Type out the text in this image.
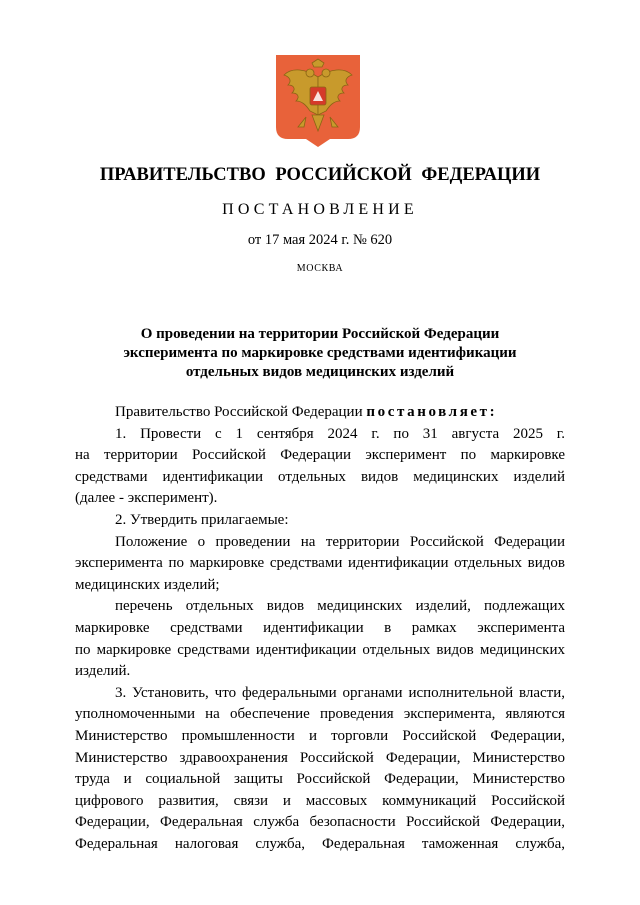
ПРАВИТЕЛЬСТВО РОССИЙСКОЙ ФЕДЕРАЦИИ
ПОСТАНОВЛЕНИЕ
от 17 мая 2024 г. № 620
МОСКВА
О проведении на территории Российской Федерации
эксперимента по маркировке средствами идентификации
отдельных видов медицинских изделий
Правительство Российской Федерации постановляет:
1. Провести с 1 сентября 2024 г. по 31 августа 2025 г.
на территории Российской Федерации эксперимент по маркировке
средствами идентификации отдельных видов медицинских изделий
(далее - эксперимент).
2. Утвердить прилагаемые:
Положение о проведении на территории Российской Федерации
эксперимента по маркировке средствами идентификации отдельных видов
медицинских изделий;
перечень отдельных видов медицинских изделий, подлежащих
маркировке средствами идентификации в рамках эксперимента
по маркировке средствами идентификации отдельных видов медицинских
изделий.
3. Установить, что федеральными органами исполнительной власти,
уполномоченными на обеспечение проведения эксперимента, являются
Министерство промышленности и торговли Российской Федерации,
Министерство здравоохранения Российской Федерации, Министерство
труда и социальной защиты Российской Федерации, Министерство
цифрового развития, связи и массовых коммуникаций Российской
Федерации, Федеральная служба безопасности Российской Федерации,
Федеральная налоговая служба, Федеральная таможенная служба,
